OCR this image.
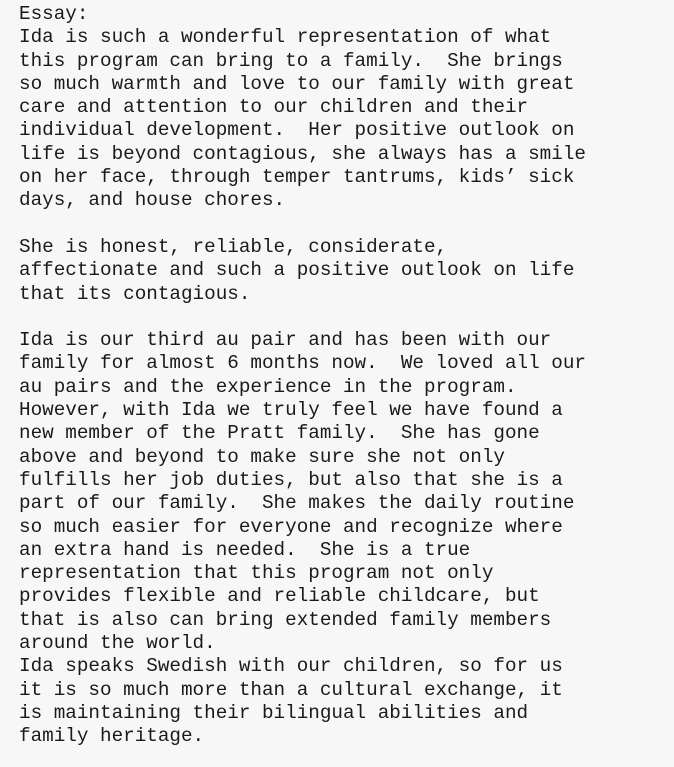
Essay:
Ida is such a wonderful representation of what
this program can bring to a family.  She brings
so much warmth and love to our family with great
care and attention to our children and their
individual development.  Her positive outlook on
life is beyond contagious, she always has a smile
on her face, through temper tantrums, kids’ sick
days, and house chores.
She is honest, reliable, considerate,
affectionate and such a positive outlook on life
that its contagious.
Ida is our third au pair and has been with our
family for almost 6 months now.  We loved all our
au pairs and the experience in the program.
However, with Ida we truly feel we have found a
new member of the Pratt family.  She has gone
above and beyond to make sure she not only
fulfills her job duties, but also that she is a
part of our family.  She makes the daily routine
so much easier for everyone and recognize where
an extra hand is needed.  She is a true
representation that this program not only
provides flexible and reliable childcare, but
that is also can bring extended family members
around the world.
Ida speaks Swedish with our children, so for us
it is so much more than a cultural exchange, it
is maintaining their bilingual abilities and
family heritage.
